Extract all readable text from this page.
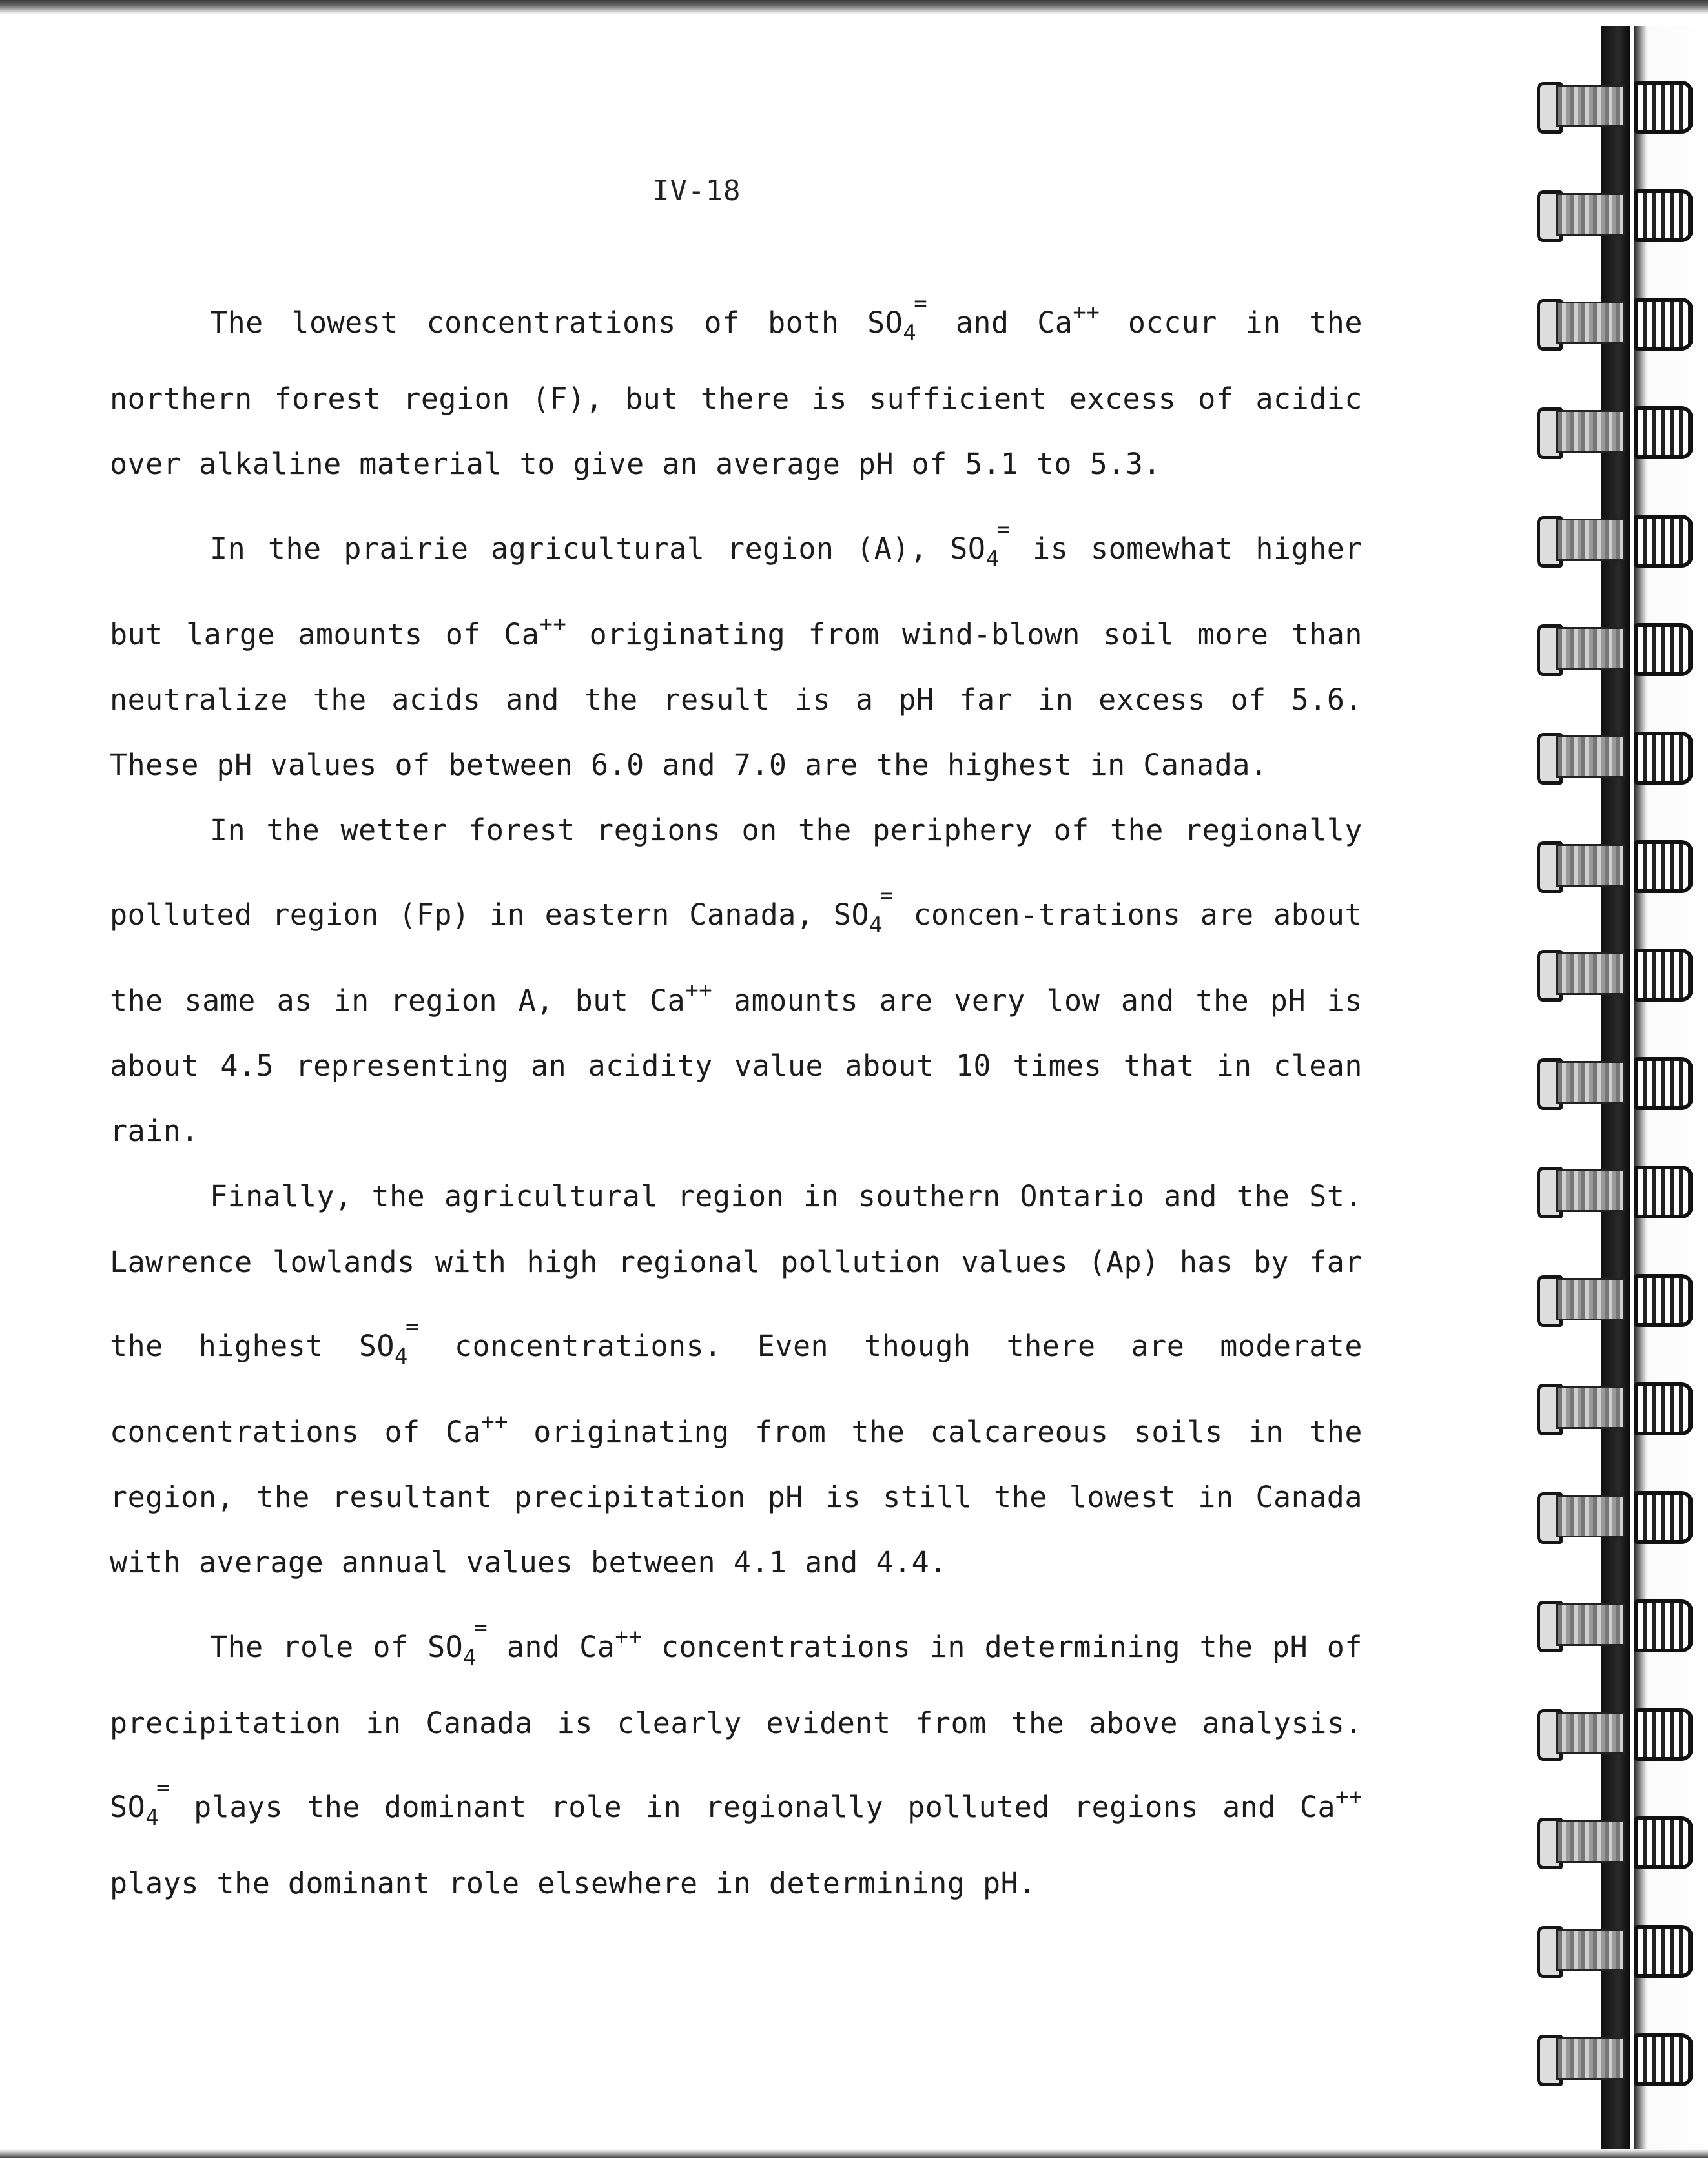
IV-18

The lowest concentrations of both $SO_4^=$ and Ca++ occur in the northern forest region (F), but there is sufficient excess of acidic over alkaline material to give an average pH of 5.1 to 5.3.

In the prairie agricultural region (A), $SO_4^=$ is somewhat higher but large amounts of Ca++ originating from wind-blown soil more than neutralize the acids and the result is a pH far in excess of 5.6. These pH values of between 6.0 and 7.0 are the highest in Canada.

In the wetter forest regions on the periphery of the regionally polluted region (Fp) in eastern Canada, $SO_4^=$ concen-trations are about the same as in region A, but Ca++ amounts are very low and the pH is about 4.5 representing an acidity value about 10 times that in clean rain.

Finally, the agricultural region in southern Ontario and the St. Lawrence lowlands with high regional pollution values (Ap) has by far the highest $SO_4^=$ concentrations. Even though there are moderate concentrations of Ca++ originating from the calcareous soils in the region, the resultant precipitation pH is still the lowest in Canada with average annual values between 4.1 and 4.4.

The role of $SO_4^=$ and Ca++ concentrations in determining the pH of precipitation in Canada is clearly evident from the above analysis. $SO_4^=$ plays the dominant role in regionally polluted regions and Ca++ plays the dominant role elsewhere in determining pH.
